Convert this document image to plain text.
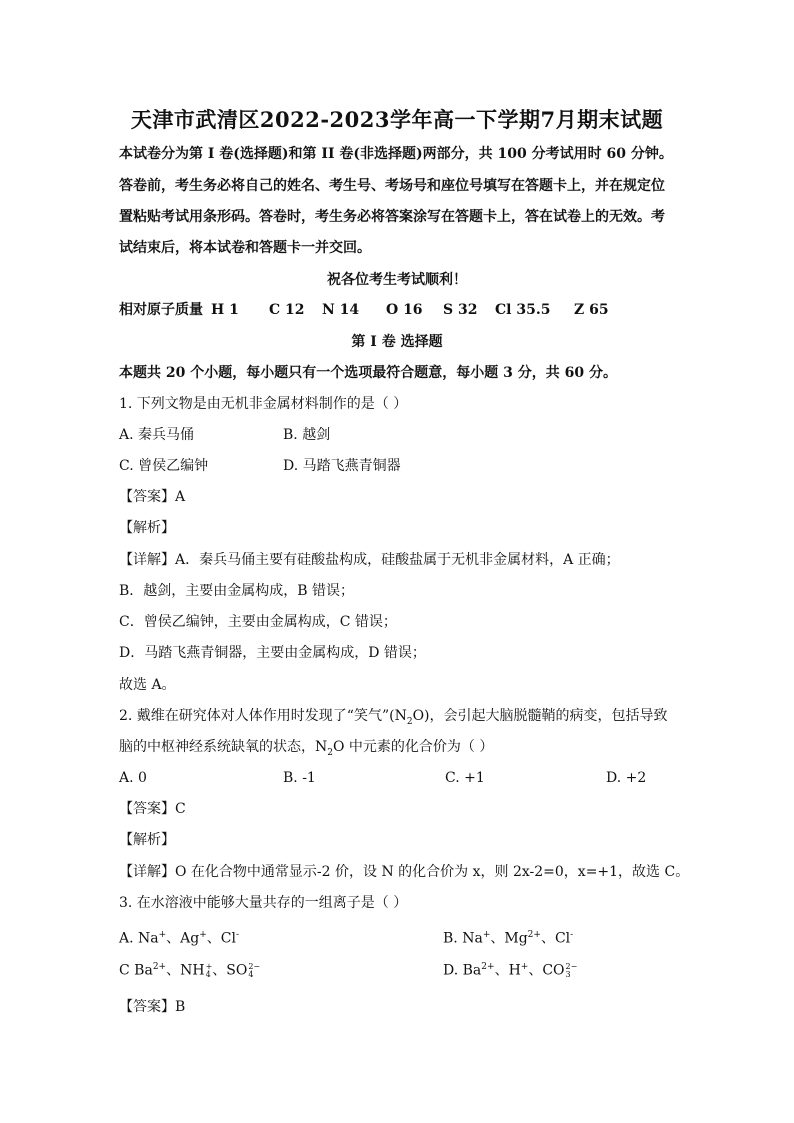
天津市武清区2022-2023学年高一下学期7月期末试题
本试卷分为第 I 卷(选择题)和第 II 卷(非选择题)两部分，共 100 分考试用时 60 分钟。
答卷前，考生务必将自己的姓名、考生号、考场号和座位号填写在答题卡上，并在规定位
置粘贴考试用条形码。答卷时，考生务必将答案涂写在答题卡上，答在试卷上的无效。考
试结束后，将本试卷和答题卡一并交回。
祝各位考生考试顺利！
相对原子质量 H 1 C 12 N 14 O 16 S 32 Cl 35.5 Z 65
第 I 卷 选择题
本题共 20 个小题，每小题只有一个选项最符合题意，每小题 3 分，共 60 分。
1. 下列文物是由无机非金属材料制作的是（ ）
A. 秦兵马俑	B. 越剑
C. 曾侯乙编钟	D. 马踏飞燕青铜器
【答案】A
【解析】
【详解】A．秦兵马俑主要有硅酸盐构成，硅酸盐属于无机非金属材料，A 正确；
B．越剑，主要由金属构成，B 错误；
C．曾侯乙编钟，主要由金属构成，C 错误；
D．马踏飞燕青铜器，主要由金属构成，D 错误；
故选 A。
2. 戴维在研究体对人体作用时发现了“笑气$”(N_2O)$，会引起大脑脱髓鞘的病变，包括导致
脑的中枢神经系统缺氧的状态，$N_2O$ 中元素的化合价为（ ）
A. 0	B. -1	C. +1	D. +2
【答案】C
【解析】
【详解】O 在化合物中通常显示-2 价，设 N 的化合价为 x，则 2x-2=0，x=+1，故选 C。
3. 在水溶液中能够大量共存的一组离子是（ ）
A. Na+、Ag+、Cl-	B. Na+、$Mg^{2+}$、Cl-
C $Ba^{2+}$、NH +
4 、SO 2−
4	D. $Ba^{2+}$、H+、CO 2−
3
【答案】B
